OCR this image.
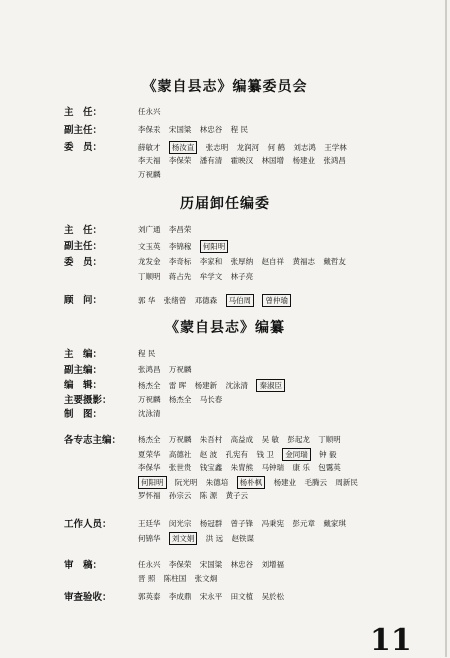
《蒙自县志》编纂委员会
主　任：	任永兴
副主任：	李保汞 宋国粱 林忠谷 程 民
委　员：	薛敏才 杨汝直 张志明 龙润河 何 鹤 刘志鸿 王学林
李天福 李保荣 潘有清 霍映汉 林国增 杨建业 张鸿昌
万祝麟
历届卸任编委
主　任：	刘广通 李昌荣
副主任：	文玉英 李锦稼 何阳明
委　员：	龙发金 李奇标 李家和 张厚纳 赵自祥 黄福志 戴哲友
丁顺明 蒋占先 牟学文 林子亮
顾　问：	郭 华 张绪曾 邓德森 马伯周 曾仲瑜
《蒙自县志》编纂
主　编：	程 民
副主编：	张鸿昌 万祝麟
编　辑：	杨杰全 雷 晖 杨建新 沈泳清 秦淑臣
主要摄影：	万祝麟 杨杰全 马长春
制　图：	沈泳清
各专志主编： 杨杰全 万祝麟 朱吾村 高益成 吴 敏 彭起龙 丁顺明
夏荣华 高德社 赵 波 孔宪有 钱 卫 金同瑞 钟 毅
李保华 张世贵 钱宝鑫 朱胄熊 马钟瑞 康 乐 包霭英
何阳明 阮光明 朱德培 杨朴枫 杨建业 毛腾云 周新民
罗怀福 孙宗云 陈 源 黄子云
工作人员：	王廷华 闵光宗 杨冠群 曾子锋 冯秉宪 彭元章 戴家琪
何锦华 刘文娟 洪 远 赵铁谋
审　稿：	任永兴 李保荣 宋国粱 林忠谷 刘增福
晋 照 陈柱国 张文炯
审查验收：	郭英泰 李成鼎 宋永平 田文植 吴於松
11
